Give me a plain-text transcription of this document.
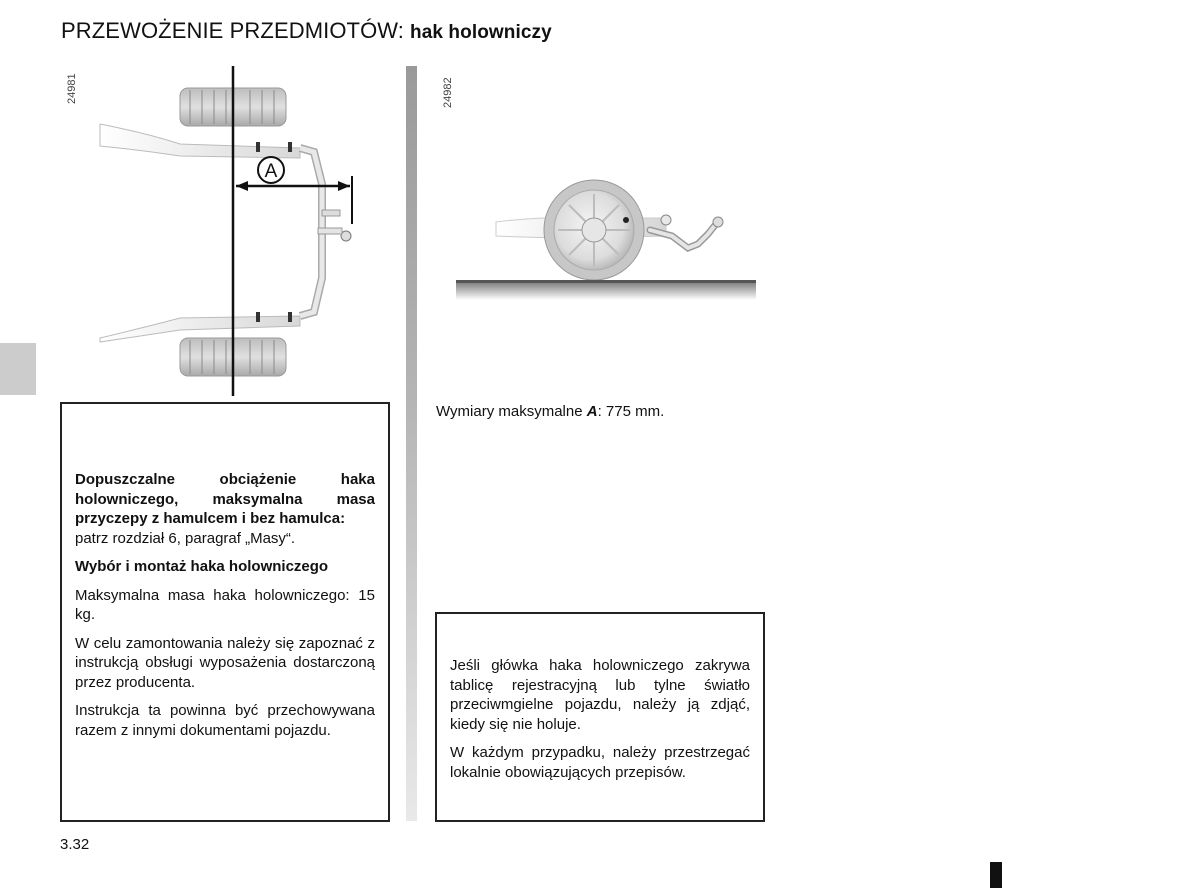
PRZEWOŻENIE PRZEDMIOTÓW: hak holowniczy
24981
A
24982
Wymiary maksymalne A: 775 mm.

Dopuszczalne obciążenie haka holowniczego, maksymalna masa przyczepy z hamulcem i bez hamulca:

patrz rozdział 6, paragraf „Masy“.

Wybór i montaż haka holowniczego

Maksymalna masa haka holowniczego: 15 kg.

W celu zamontowania należy się zapoznać z instrukcją obsługi wyposażenia dostarczoną przez producenta.

Instrukcja ta powinna być przechowywana razem z innymi dokumentami pojazdu.

Jeśli główka haka holowniczego zakrywa tablicę rejestracyjną lub tylne światło przeciwmgielne pojazdu, należy ją zdjąć, kiedy się nie holuje.

W każdym przypadku, należy przestrzegać lokalnie obowiązujących przepisów.

3.32
